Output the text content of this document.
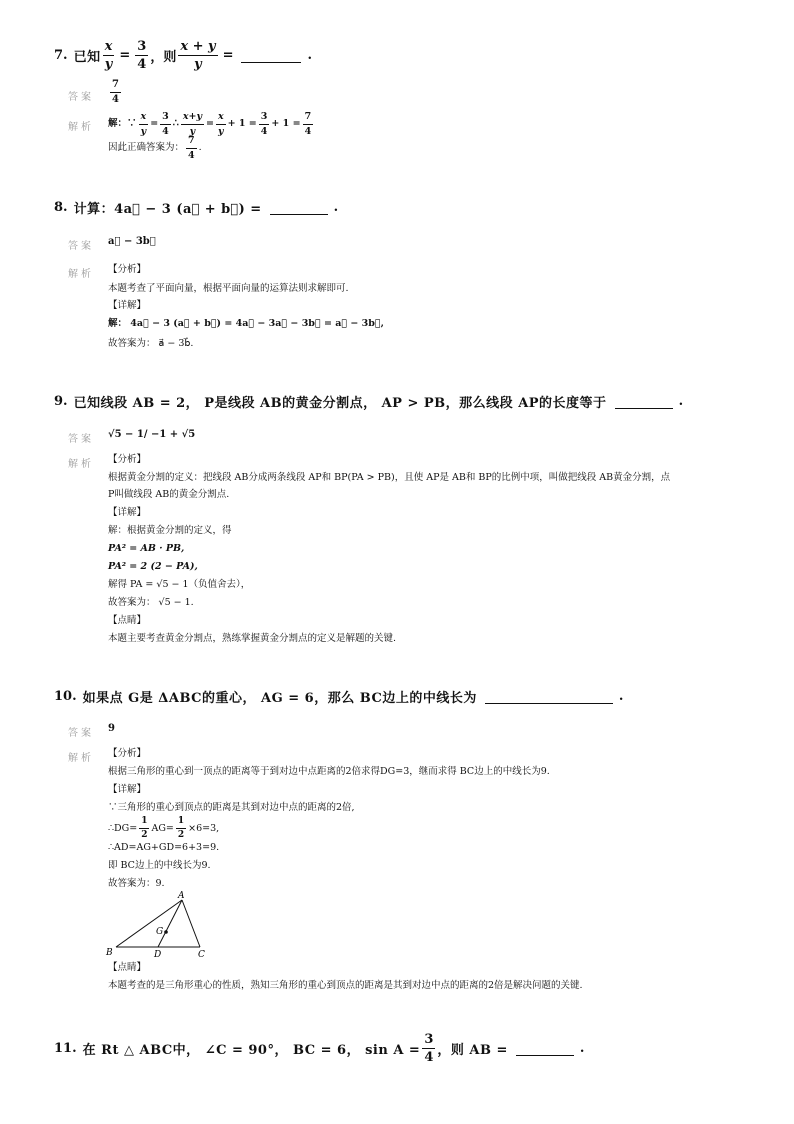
7. 已知 $\frac{x}{y} = \frac{3}{4}$ ，则 $\frac{x + y}{y}$ =	.
答案 $\frac{7}{4}$
解析 解：∵ $\frac{x}{y} = \frac{3}{4}$ ∴ $\frac{x+y}{y} = \frac{x}{y} + 1 = \frac{3}{4} + 1 = \frac{7}{4}$
因此正确答案为： $\frac{7}{4}$ .
8. 计算：4a⃗ − 3 (a⃗ + b⃗) =	.
答案 a⃗ − 3b⃗
解析 【分析】
本题考查了平面向量，根据平面向量的运算法则求解即可.
【详解】
解： 4a⃗ − 3 (a⃗ + b⃗) = 4a⃗ − 3a⃗ − 3b⃗ = a⃗ − 3b⃗,
故答案为： a⃗ − 3b⃗.
9. 已知线段 AB = 2， P是线段 AB的黄金分割点， AP > PB，那么线段 AP的长度等于	.
答案 √5 − 1/ −1 + √5
解析 【分析】
根据黄金分割的定义：把线段 AB分成两条线段 AP和 BP(PA > PB)，且使 AP是 AB和 BP的比例中项，叫做把线段 AB黄金分割，点
P叫做线段 AB的黄金分割点.
【详解】
解：根据黄金分割的定义，得
PA² = AB · PB,
PA² = 2 (2 − PA),
解得 PA = √5 − 1（负值舍去），
故答案为： √5 − 1.
【点睛】
本题主要考查黄金分割点，熟练掌握黄金分割点的定义是解题的关键.
10. 如果点 G是 ΔABC的重心， AG = 6，那么 BC边上的中线长为	.
答案 9
解析 【分析】
根据三角形的重心到一顶点的距离等于到对边中点距离的2倍求得DG=3，继而求得 BC边上的中线长为9.
【详解】
∵三角形的重心到顶点的距离是其到对边中点的距离的2倍,
∴DG= $\frac{1}{2} AG= \frac{1}{2} \times 6=3$,
∴AD=AG+GD=6+3=9.
即 BC边上的中线长为9.
故答案为：9.
A
B	C
D
G
【点睛】
本题考查的是三角形重心的性质，熟知三角形的重心到顶点的距离是其到对边中点的距离的2倍是解决问题的关键.
11. 在 Rt △ ABC中， ∠C = 90°， BC = 6， $\sin A = \frac{3}{4}$ ，则 AB =	.
